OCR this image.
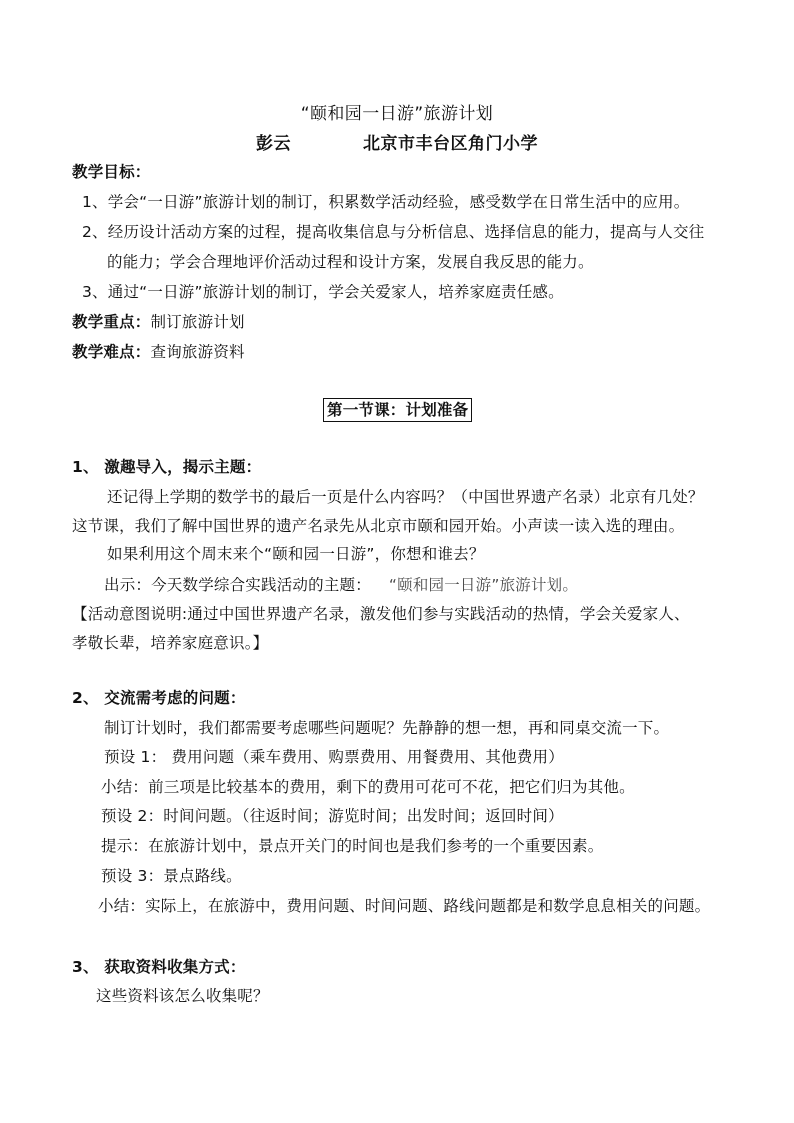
“颐和园一日游”旅游计划
彭云	北京市丰台区角门小学
教学目标：
1、学会“一日游”旅游计划的制订，积累数学活动经验，感受数学在日常生活中的应用。
2、经历设计活动方案的过程，提高收集信息与分析信息、选择信息的能力，提高与人交往
的能力；学会合理地评价活动过程和设计方案，发展自我反思的能力。
3、通过“一日游”旅游计划的制订，学会关爱家人，培养家庭责任感。
教学重点：制订旅游计划
教学难点：查询旅游资料
第一节课：计划准备
1、 激趣导入，揭示主题：
还记得上学期的数学书的最后一页是什么内容吗？（中国世界遗产名录）北京有几处？
这节课，我们了解中国世界的遗产名录先从北京市颐和园开始。小声读一读入选的理由。
如果利用这个周末来个“颐和园一日游”，你想和谁去？
出示：今天数学综合实践活动的主题： “颐和园一日游”旅游计划。
【活动意图说明:通过中国世界遗产名录，激发他们参与实践活动的热情，学会关爱家人、
孝敬长辈，培养家庭意识。】
2、 交流需考虑的问题：
制订计划时，我们都需要考虑哪些问题呢？先静静的想一想，再和同桌交流一下。
预设 1： 费用问题（乘车费用、购票费用、用餐费用、其他费用）
小结：前三项是比较基本的费用，剩下的费用可花可不花，把它们归为其他。
预设 2：时间问题。（往返时间；游览时间；出发时间；返回时间）
提示：在旅游计划中，景点开关门的时间也是我们参考的一个重要因素。
预设 3：景点路线。
小结：实际上，在旅游中，费用问题、时间问题、路线问题都是和数学息息相关的问题。
3、 获取资料收集方式：
这些资料该怎么收集呢？
